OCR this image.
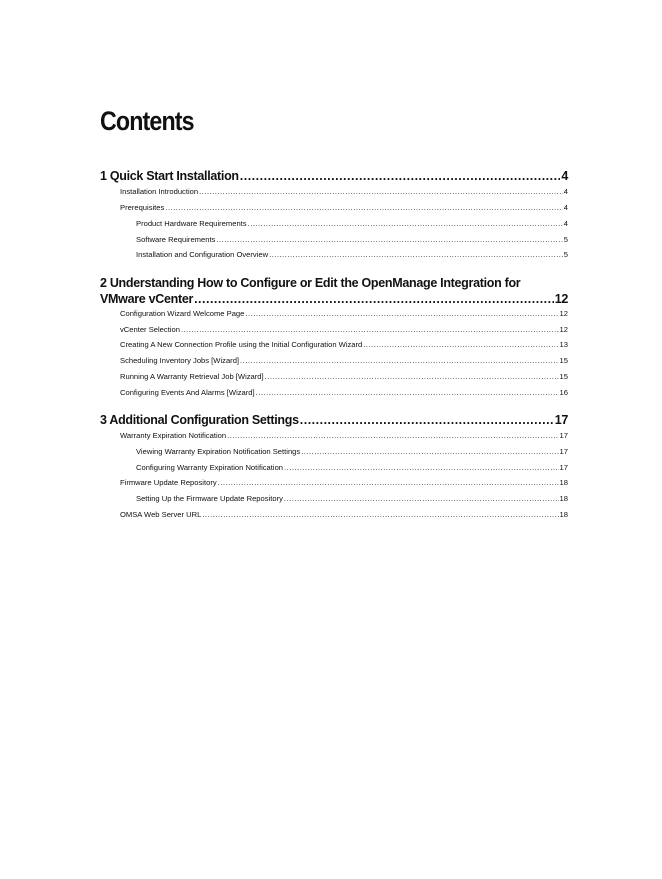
Contents
1 Quick Start Installation .....	4
Installation Introduction .....	4
Prerequisites .....	4
Product Hardware Requirements .....	4
Software Requirements .....	5
Installation and Configuration Overview .....	5
2 Understanding How to Configure or Edit the OpenManage Integration for
VMware vCenter .....	12
Configuration Wizard Welcome Page .....	12
vCenter Selection .....	12
Creating A New Connection Profile using the Initial Configuration Wizard .....	13
Scheduling Inventory Jobs [Wizard] .....	15
Running A Warranty Retrieval Job [Wizard] .....	15
Configuring Events And Alarms [Wizard] .....	16
3 Additional Configuration Settings .....	17
Warranty Expiration Notification .....	17
Viewing Warranty Expiration Notification Settings .....	17
Configuring Warranty Expiration Notification .....	17
Firmware Update Repository .....	18
Setting Up the Firmware Update Repository .....	18
OMSA Web Server URL .....	18
